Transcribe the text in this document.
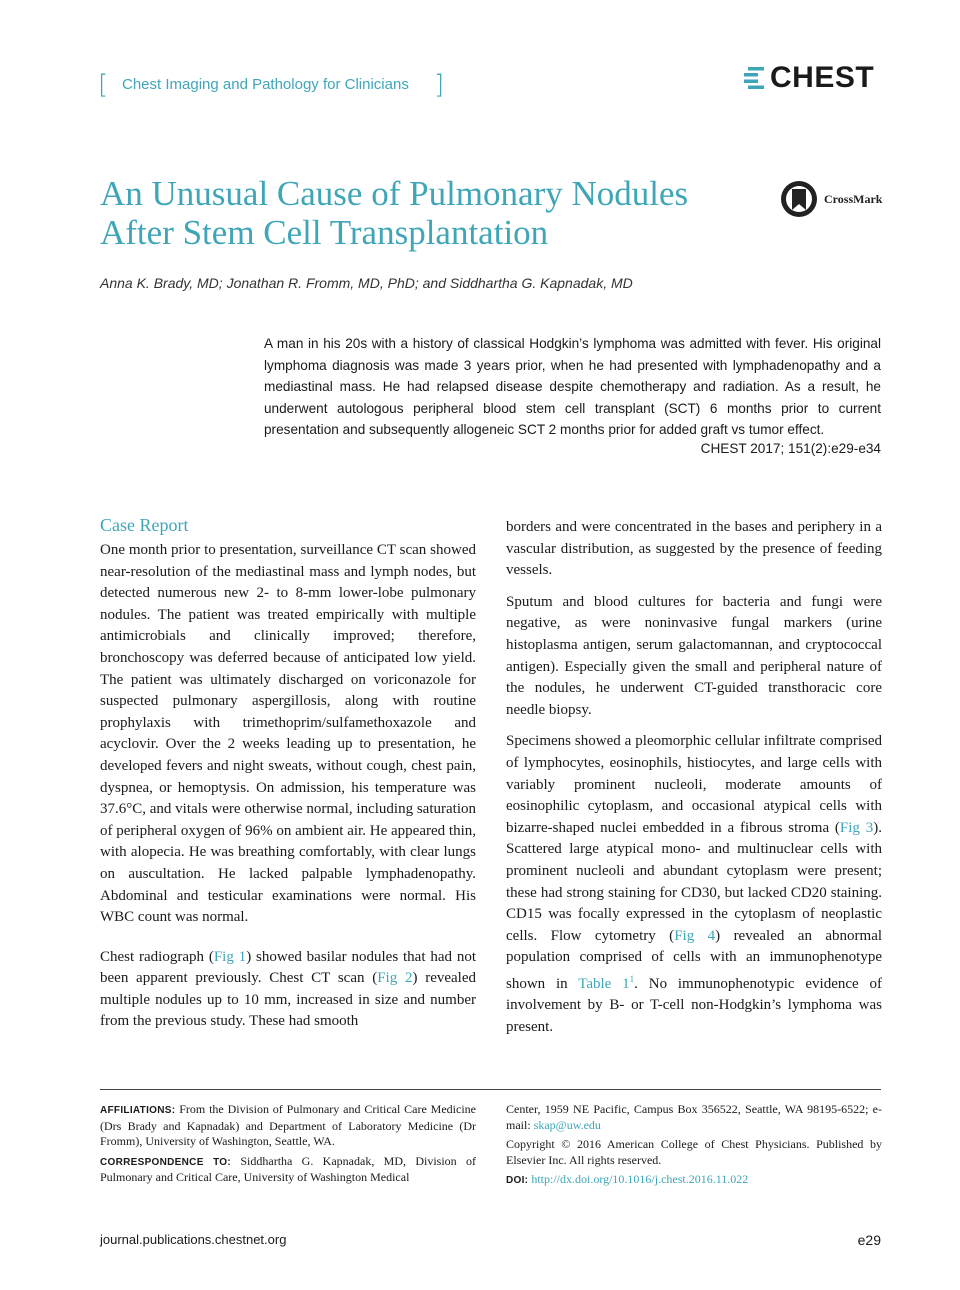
[ Chest Imaging and Pathology for Clinicians ]	CHEST
An Unusual Cause of Pulmonary Nodules
After Stem Cell Transplantation
CrossMark
Anna K. Brady, MD; Jonathan R. Fromm, MD, PhD; and Siddhartha G. Kapnadak, MD
A man in his 20s with a history of classical Hodgkin’s lymphoma was admitted with fever. His original lymphoma diagnosis was made 3 years prior, when he had presented with lymphadenopathy and a mediastinal mass. He had relapsed disease despite chemotherapy and radiation. As a result, he underwent autologous peripheral blood stem cell transplant (SCT) 6 months prior to current presentation and subsequently allogeneic SCT 2 months prior for added graft vs tumor effect.
CHEST 2017; 151(2):e29-e34
Case Report

One month prior to presentation, surveillance CT scan showed near-resolution of the mediastinal mass and lymph nodes, but detected numerous new 2- to 8-mm lower-lobe pulmonary nodules. The patient was treated empirically with multiple antimicrobials and clinically improved; therefore, bronchoscopy was deferred because of anticipated low yield. The patient was ultimately discharged on voriconazole for suspected pulmonary aspergillosis, along with routine prophylaxis with trimethoprim/sulfamethoxazole and acyclovir. Over the 2 weeks leading up to presentation, he developed fevers and night sweats, without cough, chest pain, dyspnea, or hemoptysis. On admission, his temperature was 37.6°C, and vitals were otherwise normal, including saturation of peripheral oxygen of 96% on ambient air. He appeared thin, with alopecia. He was breathing comfortably, with clear lungs on auscultation. He lacked palpable lymphadenopathy. Abdominal and testicular examinations were normal. His WBC count was normal.

Chest radiograph (Fig 1) showed basilar nodules that had not been apparent previously. Chest CT scan (Fig 2) revealed multiple nodules up to 10 mm, increased in size and number from the previous study. These had smooth

borders and were concentrated in the bases and periphery in a vascular distribution, as suggested by the presence of feeding vessels.

Sputum and blood cultures for bacteria and fungi were negative, as were noninvasive fungal markers (urine histoplasma antigen, serum galactomannan, and cryptococcal antigen). Especially given the small and peripheral nature of the nodules, he underwent CT-guided transthoracic core needle biopsy.

Specimens showed a pleomorphic cellular infiltrate comprised of lymphocytes, eosinophils, histiocytes, and large cells with variably prominent nucleoli, moderate amounts of eosinophilic cytoplasm, and occasional atypical cells with bizarre-shaped nuclei embedded in a fibrous stroma (Fig 3). Scattered large atypical mono- and multinuclear cells with prominent nucleoli and abundant cytoplasm were present; these had strong staining for CD30, but lacked CD20 staining. CD15 was focally expressed in the cytoplasm of neoplastic cells. Flow cytometry (Fig 4) revealed an abnormal population comprised of cells with an immunophenotype shown in Table $1^1$. No immunophenotypic evidence of involvement by B- or T-cell non-Hodgkin’s lymphoma was present.

AFFILIATIONS: From the Division of Pulmonary and Critical Care Medicine (Drs Brady and Kapnadak) and Department of Laboratory Medicine (Dr Fromm), University of Washington, Seattle, WA.

CORRESPONDENCE TO: Siddhartha G. Kapnadak, MD, Division of Pulmonary and Critical Care, University of Washington Medical

Center, 1959 NE Pacific, Campus Box 356522, Seattle, WA 98195-6522; e-mail: skap@uw.edu

Copyright © 2016 American College of Chest Physicians. Published by Elsevier Inc. All rights reserved.

DOI: http://dx.doi.org/10.1016/j.chest.2016.11.022

journal.publications.chestnet.org	e29
